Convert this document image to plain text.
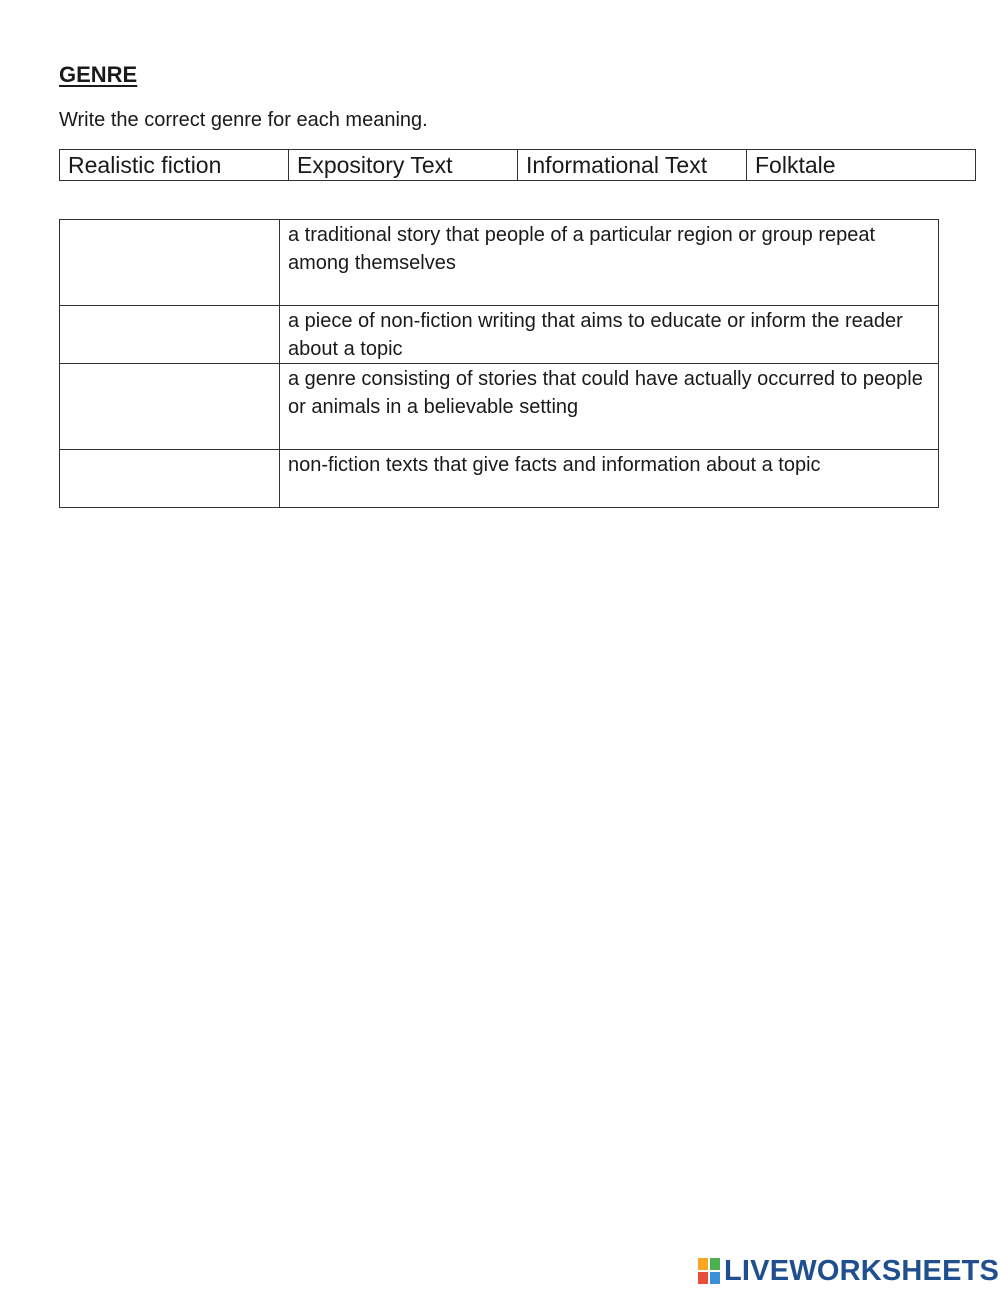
GENRE

Write the correct genre for each meaning.

Realistic fiction	Expository Text	Informational Text	Folktale
	a traditional story that people of a particular region or group repeat among themselves
	a piece of non-fiction writing that aims to educate or inform the reader about a topic
	a genre consisting of stories that could have actually occurred to people or animals in a believable setting
	non-fiction texts that give facts and information about a topic
LIVEWORKSHEETS
